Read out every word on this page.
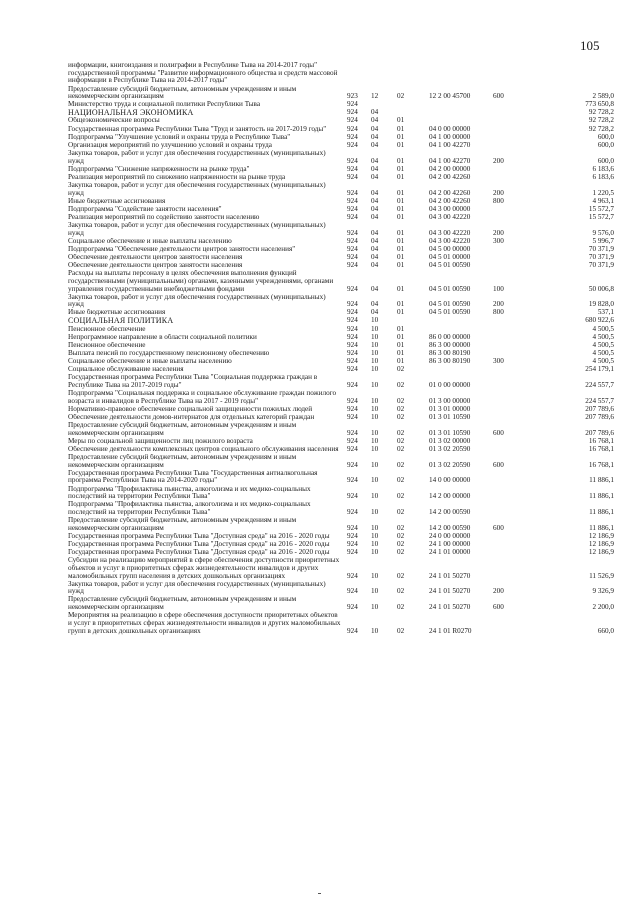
105
информации, книгоиздания и полиграфии в Республике Тыва на 2014-2017 годы" государственной программы "Развитие информационного общества и средств массовой информации в Республике Тыва на 2014-2017 годы"						

Предоставление субсидий бюджетным, автономным учреждениям и иным некоммерческим организациям	923	12	02	12 2 00 45700	600	2 589,0

Министерство труда и социальной политики Республики Тыва	924					773 650,8

НАЦИОНАЛЬНАЯ ЭКОНОМИКА	924	04				92 728,2

Общеэкономические вопросы	924	04	01			92 728,2

Государственная программа Республики Тыва "Труд и занятость на 2017-2019 годы"	924	04	01	04 0 00 00000		92 728,2

Подпрограмма "Улучшение условий и охраны труда в Республике Тыва"	924	04	01	04 1 00 00000		600,0

Организация мероприятий по улучшению условий и охраны труда	924	04	01	04 1 00 42270		600,0

Закупка товаров, работ и услуг для обеспечения государственных (муниципальных) нужд	924	04	01	04 1 00 42270	200	600,0

Подпрограмма "Снижение напряженности на рынке труда"	924	04	01	04 2 00 00000		6 183,6

Реализация мероприятий по снижению напряженности на рынке труда	924	04	01	04 2 00 42260		6 183,6

Закупка товаров, работ и услуг для обеспечения государственных (муниципальных) нужд	924	04	01	04 2 00 42260	200	1 220,5

Иные бюджетные ассигнования	924	04	01	04 2 00 42260	800	4 963,1

Подпрограмма "Содействие занятости населения"	924	04	01	04 3 00 00000		15 572,7

Реализация мероприятий по содействию занятости населению	924	04	01	04 3 00 42220		15 572,7

Закупка товаров, работ и услуг для обеспечения государственных (муниципальных) нужд	924	04	01	04 3 00 42220	200	9 576,0

Социальное обеспечение и иные выплаты населению	924	04	01	04 3 00 42220	300	5 996,7

Подпрограмма "Обеспечение деятельности центров занятости населения"	924	04	01	04 5 00 00000		70 371,9

Обеспечение деятельности центров занятости населения	924	04	01	04 5 01 00000		70 371,9

Обеспечение деятельности центров занятости населения	924	04	01	04 5 01 00590		70 371,9

Расходы на выплаты персоналу в целях обеспечения выполнения функций государственными (муниципальными) органами, казенными учреждениями, органами управления государственными внебюджетными фондами	924	04	01	04 5 01 00590	100	50 006,8

Закупка товаров, работ и услуг для обеспечения государственных (муниципальных) нужд	924	04	01	04 5 01 00590	200	19 828,0

Иные бюджетные ассигнования	924	04	01	04 5 01 00590	800	537,1

СОЦИАЛЬНАЯ ПОЛИТИКА	924	10				680 922,6

Пенсионное обеспечение	924	10	01			4 500,5

Непрограммное направление в области социальной политики	924	10	01	86 0 00 00000		4 500,5

Пенсионное обеспечение	924	10	01	86 3 00 00000		4 500,5

Выплата пенсий по государственному пенсионному обеспечению	924	10	01	86 3 00 80190		4 500,5

Социальное обеспечение и иные выплаты населению	924	10	01	86 3 00 80190	300	4 500,5

Социальное обслуживание населения	924	10	02			254 179,1

Государственная программа Республики Тыва "Социальная поддержка граждан в Республике Тыва на 2017-2019 годы"	924	10	02	01 0 00 00000		224 557,7

Подпрограмма "Социальная поддержка и социальное обслуживание граждан пожилого возраста и инвалидов в Республике Тыва на 2017 - 2019 годы"	924	10	02	01 3 00 00000		224 557,7

Нормативно-правовое обеспечение социальной защищенности пожилых людей	924	10	02	01 3 01 00000		207 789,6

Обеспечение деятельности домов-интернатов для отдельных категорий граждан	924	10	02	01 3 01 10590		207 789,6

Предоставление субсидий бюджетным, автономным учреждениям и иным некоммерческим организациям	924	10	02	01 3 01 10590	600	207 789,6

Меры по социальной защищенности лиц пожилого возраста	924	10	02	01 3 02 00000		16 768,1

Обеспечение деятельности комплексных центров социального обслуживания населения	924	10	02	01 3 02 20590		16 768,1

Предоставление субсидий бюджетным, автономным учреждениям и иным некоммерческим организациям	924	10	02	01 3 02 20590	600	16 768,1

Государственная программа Республики Тыва "Государственная антиалкогольная программа Республики Тыва на 2014-2020 годы"	924	10	02	14 0 00 00000		11 886,1

Подпрограмма "Профилактика пьянства, алкоголизма и их медико-социальных последствий на территории Республики Тыва"	924	10	02	14 2 00 00000		11 886,1

Подпрограмма "Профилактика пьянства, алкоголизма и их медико-социальных последствий на территории Республики Тыва"	924	10	02	14 2 00 00590		11 886,1

Предоставление субсидий бюджетным, автономным учреждениям и иным некоммерческим организациям	924	10	02	14 2 00 00590	600	11 886,1

Государственная программа Республики Тыва "Доступная среда" на 2016 - 2020 годы	924	10	02	24 0 00 00000		12 186,9

Государственная программа Республики Тыва "Доступная среда" на 2016 - 2020 годы	924	10	02	24 1 00 00000		12 186,9

Государственная программа Республики Тыва "Доступная среда" на 2016 - 2020 годы	924	10	02	24 1 01 00000		12 186,9

Субсидии на реализацию мероприятий в сфере обеспечения доступности приоритетных объектов и услуг в приоритетных сферах жизнедеятельности инвалидов и других маломобильных групп населения в детских дошкольных организациях	924	10	02	24 1 01 50270		11 526,9

Закупка товаров, работ и услуг для обеспечения государственных (муниципальных) нужд	924	10	02	24 1 01 50270	200	9 326,9

Предоставление субсидий бюджетным, автономным учреждениям и иным некоммерческим организациям	924	10	02	24 1 01 50270	600	2 200,0

Мероприятия на реализацию в сфере обеспечения доступности приоритетных объектов и услуг в приоритетных сферах жизнедеятельности инвалидов и других маломобильных групп в детских дошкольных организациях	924	10	02	24 1 01 R0270		660,0
